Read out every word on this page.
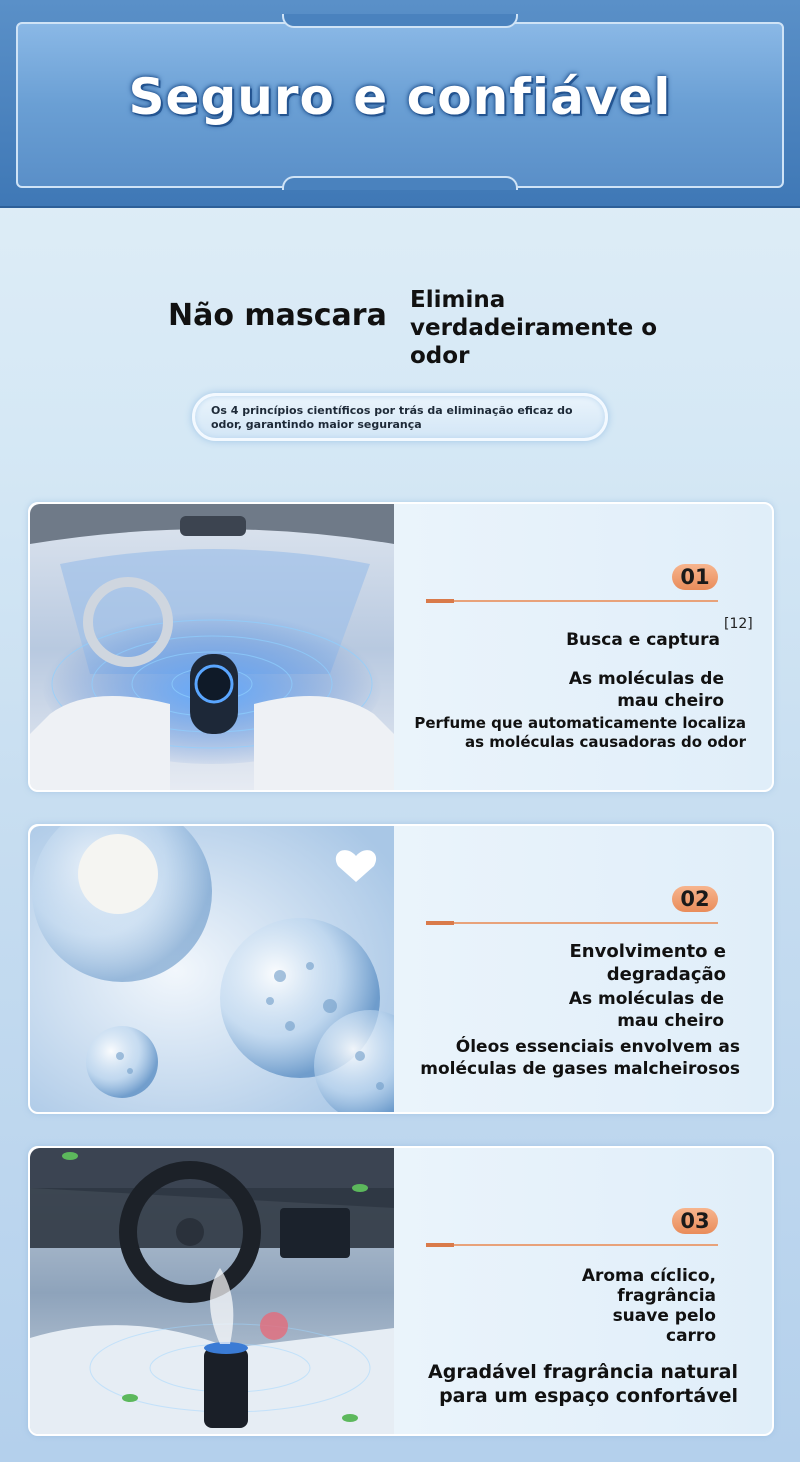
Seguro e confiável
Não mascara Elimina verdadeiramente o odor
Os 4 princípios científicos por trás da eliminação eficaz do odor, garantindo maior segurança
01
[12]
Busca e captura
As moléculas de
mau cheiro
Perfume que automaticamente localiza
as moléculas causadoras do odor
02
Envolvimento e
degradação
As moléculas de
mau cheiro
Óleos essenciais envolvem as
moléculas de gases malcheirosos
03
Aroma cíclico,
fragrância
suave pelo
carro
Agradável fragrância natural
para um espaço confortável
